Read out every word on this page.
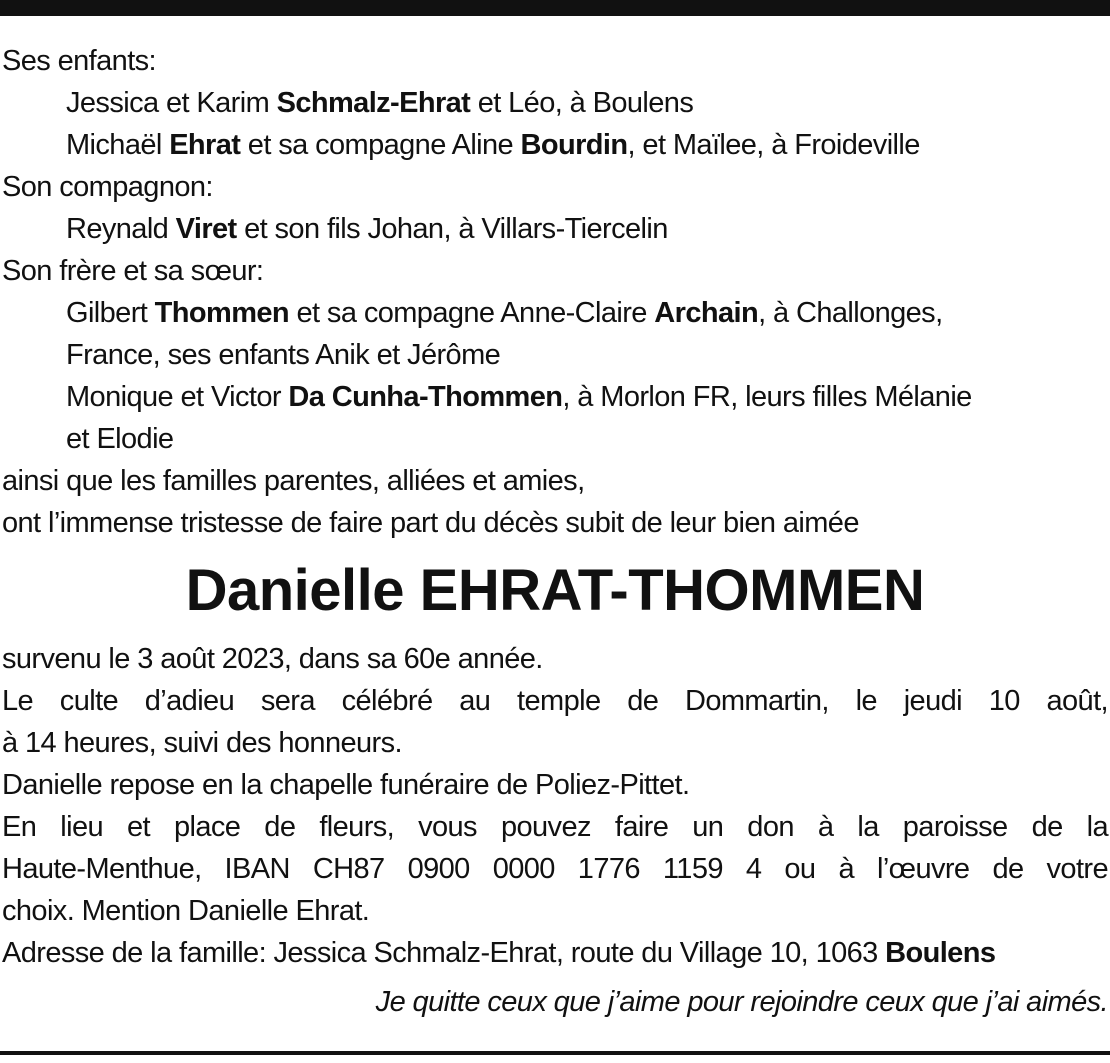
Ses enfants:
Jessica et Karim Schmalz-Ehrat et Léo, à Boulens
Michaël Ehrat et sa compagne Aline Bourdin, et Maïlee, à Froideville
Son compagnon:
Reynald Viret et son fils Johan, à Villars-Tiercelin
Son frère et sa sœur:
Gilbert Thommen et sa compagne Anne-Claire Archain, à Challonges,
France, ses enfants Anik et Jérôme
Monique et Victor Da Cunha-Thommen, à Morlon FR, leurs filles Mélanie
et Elodie
ainsi que les familles parentes, alliées et amies,
ont l’immense tristesse de faire part du décès subit de leur bien aimée
Danielle EHRAT-THOMMEN
survenu le 3 août 2023, dans sa 60e année.
Le culte d’adieu sera célébré au temple de Dommartin, le jeudi 10 août,
à 14 heures, suivi des honneurs.
Danielle repose en la chapelle funéraire de Poliez-Pittet.
En lieu et place de fleurs, vous pouvez faire un don à la paroisse de la
Haute-Menthue, IBAN CH87 0900 0000 1776 1159 4 ou à l’œuvre de votre
choix. Mention Danielle Ehrat.
Adresse de la famille: Jessica Schmalz-Ehrat, route du Village 10, 1063 Boulens
Je quitte ceux que j’aime pour rejoindre ceux que j’ai aimés.
